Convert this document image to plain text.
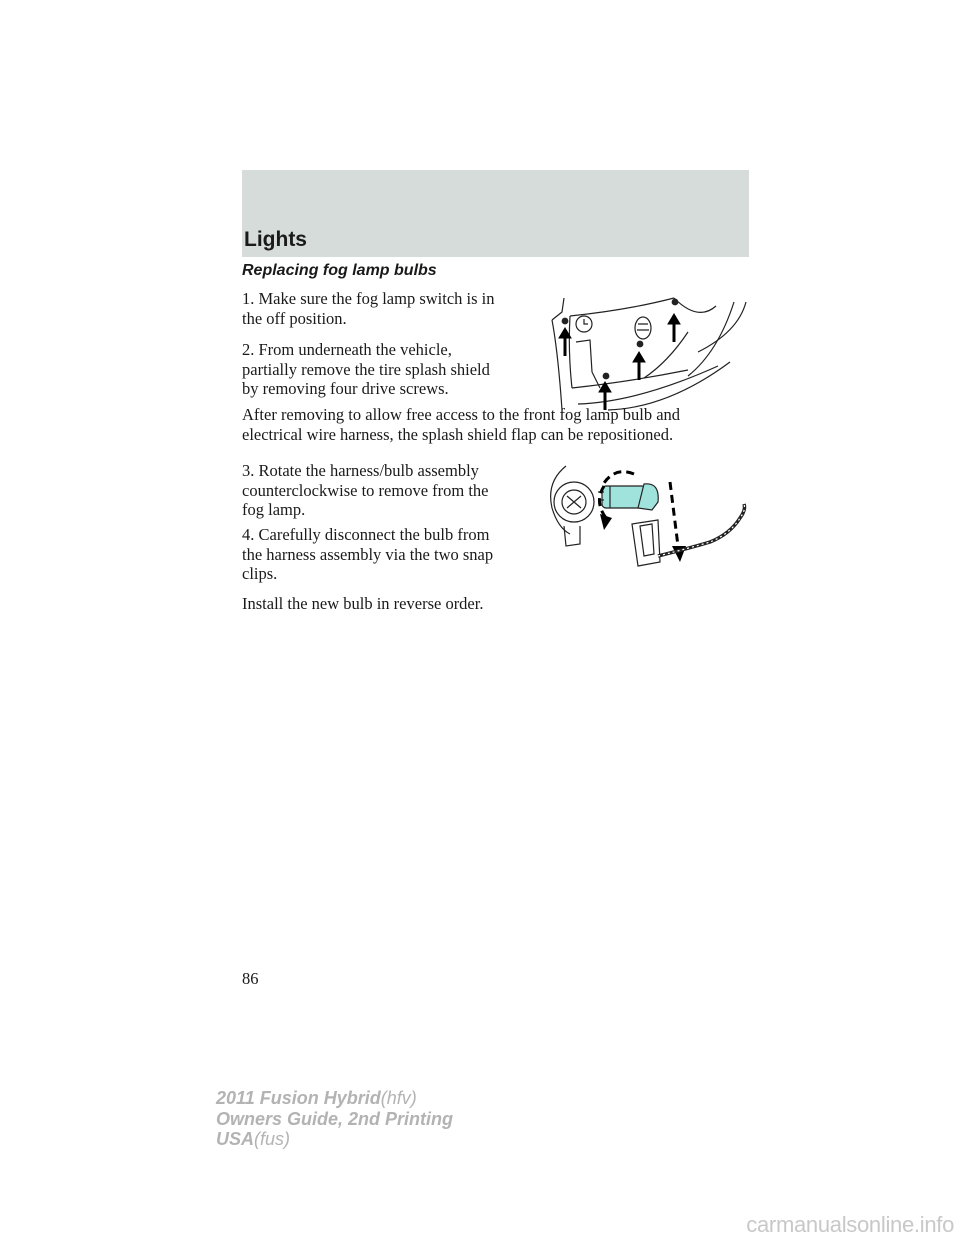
Lights
Replacing fog lamp bulbs

1. Make sure the fog lamp switch is in the off position.

2. From underneath the vehicle, partially remove the tire splash shield by removing four drive screws.

After removing to allow free access to the front fog lamp bulb and electrical wire harness, the splash shield flap can be repositioned.

3. Rotate the harness/bulb assembly counterclockwise to remove from the fog lamp.

4. Carefully disconnect the bulb from the harness assembly via the two snap clips.

Install the new bulb in reverse order.

86
2011 Fusion Hybrid(hfv)
Owners Guide, 2nd Printing
USA(fus)
carmanualsonline.info
